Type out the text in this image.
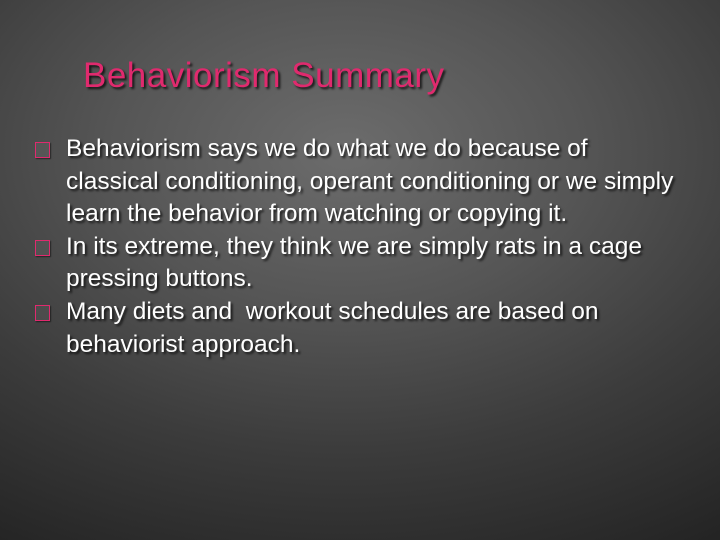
Behaviorism Summary
Behaviorism says we do what we do because of classical conditioning, operant conditioning or we simply learn the behavior from watching or copying it.
In its extreme, they think we are simply rats in a cage pressing buttons.
Many diets and  workout schedules are based on behaviorist approach.
